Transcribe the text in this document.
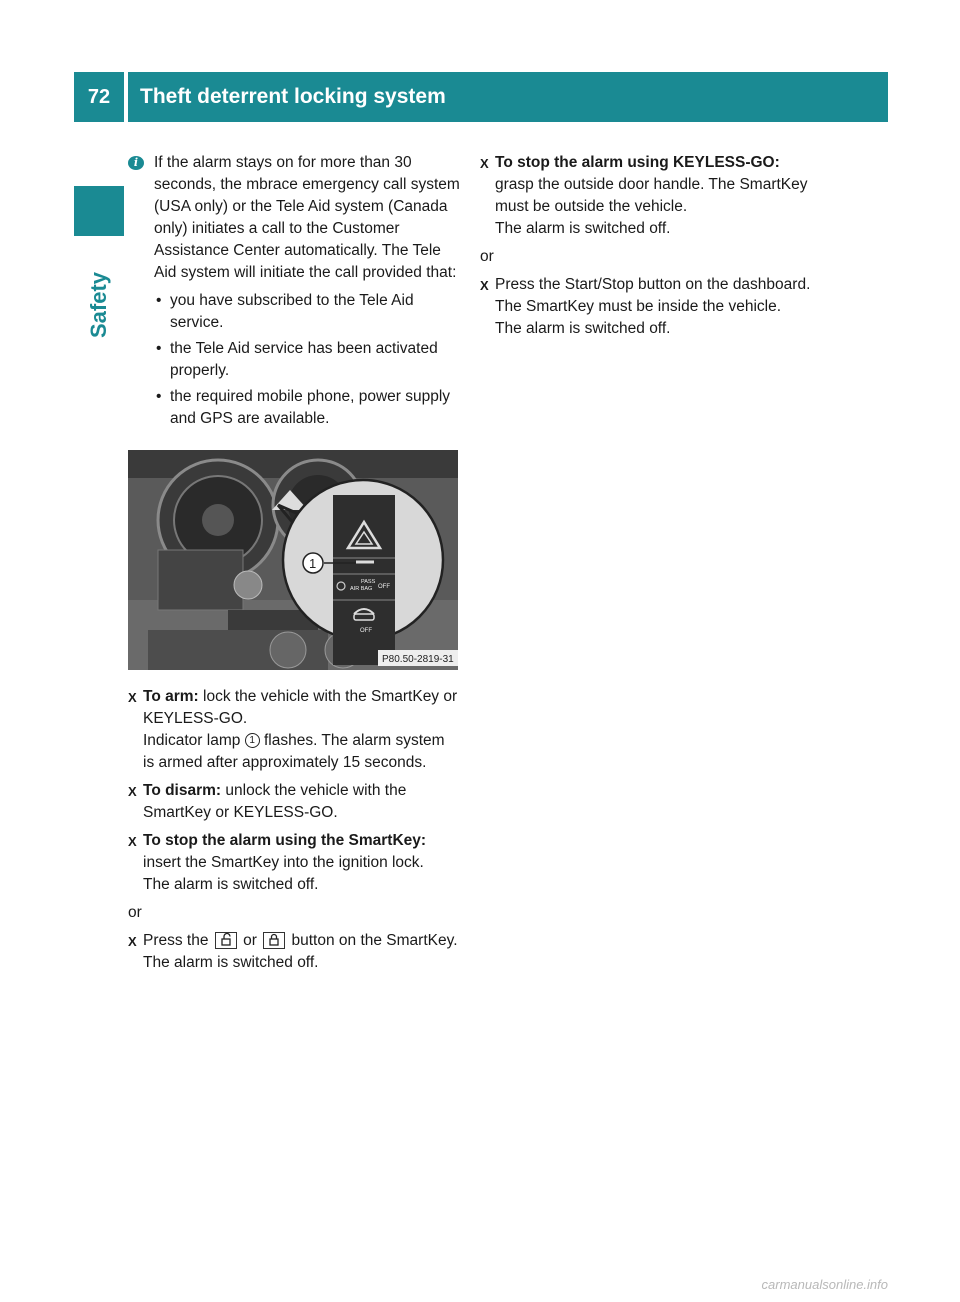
72	Theft deterrent locking system
Safety
i	If the alarm stays on for more than 30 seconds, the mbrace emergency call system (USA only) or the Tele Aid system (Canada only) initiates a call to the Customer Assistance Center automatically. The Tele Aid system will initiate the call provided that:
• you have subscribed to the Tele Aid service.
• the Tele Aid service has been activated properly.
• the required mobile phone, power supply and GPS are available.
PASS
AIR BAG OFF
OFF
1
P80.50-2819-31
X To arm: lock the vehicle with the SmartKey or KEYLESS-GO.
Indicator lamp 1 flashes. The alarm system is armed after approximately 15 seconds.
X To disarm: unlock the vehicle with the SmartKey or KEYLESS-GO.
X To stop the alarm using the SmartKey:
insert the SmartKey into the ignition lock.
The alarm is switched off.
or
X Press the  or  button on the SmartKey.
The alarm is switched off.
X To stop the alarm using KEYLESS-GO:
grasp the outside door handle. The SmartKey must be outside the vehicle.
The alarm is switched off.
or
X Press the Start/Stop button on the dashboard. The SmartKey must be inside the vehicle.
The alarm is switched off.
carmanualsonline.info
